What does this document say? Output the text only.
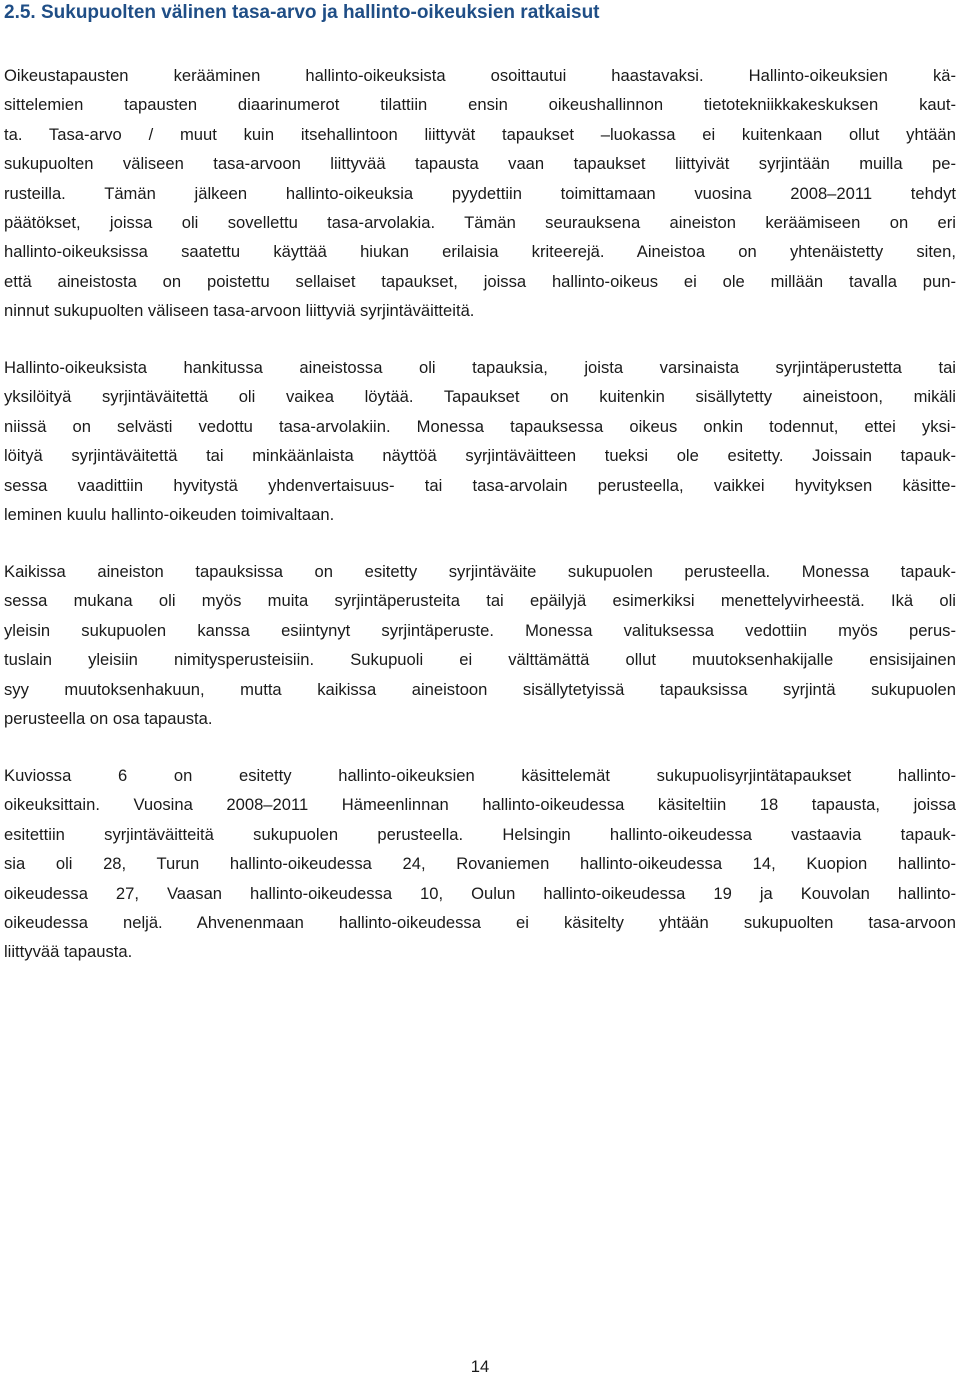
2.5. Sukupuolten välinen tasa-arvo ja hallinto-oikeuksien ratkaisut
Oikeustapausten kerääminen hallinto-oikeuksista osoittautui haastavaksi. Hallinto-oikeuksien kä-
sittelemien tapausten diaarinumerot tilattiin ensin oikeushallinnon tietotekniikkakeskuksen kaut-
ta. Tasa-arvo / muut kuin itsehallintoon liittyvät tapaukset –luokassa ei kuitenkaan ollut yhtään
sukupuolten väliseen tasa-arvoon liittyvää tapausta vaan tapaukset liittyivät syrjintään muilla pe-
rusteilla. Tämän jälkeen hallinto-oikeuksia pyydettiin toimittamaan vuosina 2008–2011 tehdyt
päätökset, joissa oli sovellettu tasa-arvolakia. Tämän seurauksena aineiston keräämiseen on eri
hallinto-oikeuksissa saatettu käyttää hiukan erilaisia kriteerejä. Aineistoa on yhtenäistetty siten,
että aineistosta on poistettu sellaiset tapaukset, joissa hallinto-oikeus ei ole millään tavalla pun-
ninnut sukupuolten väliseen tasa-arvoon liittyviä syrjintäväitteitä.
Hallinto-oikeuksista hankitussa aineistossa oli tapauksia, joista varsinaista syrjintäperustetta tai
yksilöityä syrjintäväitettä oli vaikea löytää. Tapaukset on kuitenkin sisällytetty aineistoon, mikäli
niissä on selvästi vedottu tasa-arvolakiin. Monessa tapauksessa oikeus onkin todennut, ettei yksi-
löityä syrjintäväitettä tai minkäänlaista näyttöä syrjintäväitteen tueksi ole esitetty. Joissain tapauk-
sessa vaadittiin hyvitystä yhdenvertaisuus- tai tasa-arvolain perusteella, vaikkei hyvityksen käsitte-
leminen kuulu hallinto-oikeuden toimivaltaan.
Kaikissa aineiston tapauksissa on esitetty syrjintäväite sukupuolen perusteella. Monessa tapauk-
sessa mukana oli myös muita syrjintäperusteita tai epäilyjä esimerkiksi menettelyvirheestä. Ikä oli
yleisin sukupuolen kanssa esiintynyt syrjintäperuste. Monessa valituksessa vedottiin myös perus-
tuslain yleisiin nimitysperusteisiin. Sukupuoli ei välttämättä ollut muutoksenhakijalle ensisijainen
syy muutoksenhakuun, mutta kaikissa aineistoon sisällytetyissä tapauksissa syrjintä sukupuolen
perusteella on osa tapausta.
Kuviossa 6 on esitetty hallinto-oikeuksien käsittelemät sukupuolisyrjintätapaukset hallinto-
oikeuksittain. Vuosina 2008–2011 Hämeenlinnan hallinto-oikeudessa käsiteltiin 18 tapausta, joissa
esitettiin syrjintäväitteitä sukupuolen perusteella. Helsingin hallinto-oikeudessa vastaavia tapauk-
sia oli 28, Turun hallinto-oikeudessa 24, Rovaniemen hallinto-oikeudessa 14, Kuopion hallinto-
oikeudessa 27, Vaasan hallinto-oikeudessa 10, Oulun hallinto-oikeudessa 19 ja Kouvolan hallinto-
oikeudessa neljä. Ahvenenmaan hallinto-oikeudessa ei käsitelty yhtään sukupuolten tasa-arvoon
liittyvää tapausta.
14
